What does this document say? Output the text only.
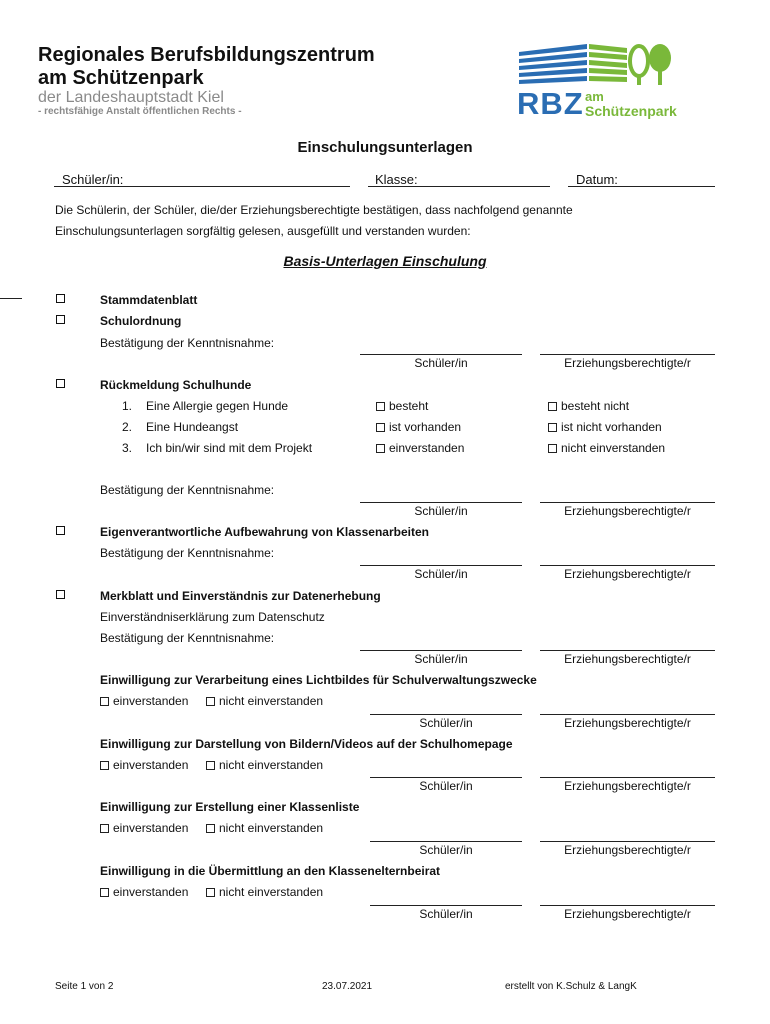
Regionales Berufsbildungszentrum
am Schützenpark
der Landeshauptstadt Kiel
- rechtsfähige Anstalt öffentlichen Rechts -	RBZ am
Schützenpark
Einschulungsunterlagen
Schüler/in:	Klasse:	Datum:
Die Schülerin, der Schüler, die/der Erziehungsberechtigte bestätigen, dass nachfolgend genannte
Einschulungsunterlagen sorgfältig gelesen, ausgefüllt und verstanden wurden:
Basis-Unterlagen Einschulung
Stammdatenblatt
Schulordnung
Bestätigung der Kenntnisnahme:
Schüler/in	Erziehungsberechtigte/r
Rückmeldung Schulhunde
1. Eine Allergie gegen Hunde	besteht	besteht nicht
2. Eine Hundeangst	ist vorhanden	ist nicht vorhanden
3. Ich bin/wir sind mit dem Projekt	einverstanden	nicht einverstanden
Bestätigung der Kenntnisnahme:
Schüler/in	Erziehungsberechtigte/r
Eigenverantwortliche Aufbewahrung von Klassenarbeiten
Bestätigung der Kenntnisnahme:
Schüler/in	Erziehungsberechtigte/r
Merkblatt und Einverständnis zur Datenerhebung
Einverständniserklärung zum Datenschutz
Bestätigung der Kenntnisnahme:
Schüler/in	Erziehungsberechtigte/r
Einwilligung zur Verarbeitung eines Lichtbildes für Schulverwaltungszwecke
einverstanden	nicht einverstanden
Schüler/in	Erziehungsberechtigte/r
Einwilligung zur Darstellung von Bildern/Videos auf der Schulhomepage
einverstanden	nicht einverstanden
Schüler/in	Erziehungsberechtigte/r
Einwilligung zur Erstellung einer Klassenliste
einverstanden	nicht einverstanden
Schüler/in	Erziehungsberechtigte/r
Einwilligung in die Übermittlung an den Klassenelternbeirat
einverstanden	nicht einverstanden
Schüler/in	Erziehungsberechtigte/r
Seite 1 von 2	23.07.2021	erstellt von K.Schulz & LangK
